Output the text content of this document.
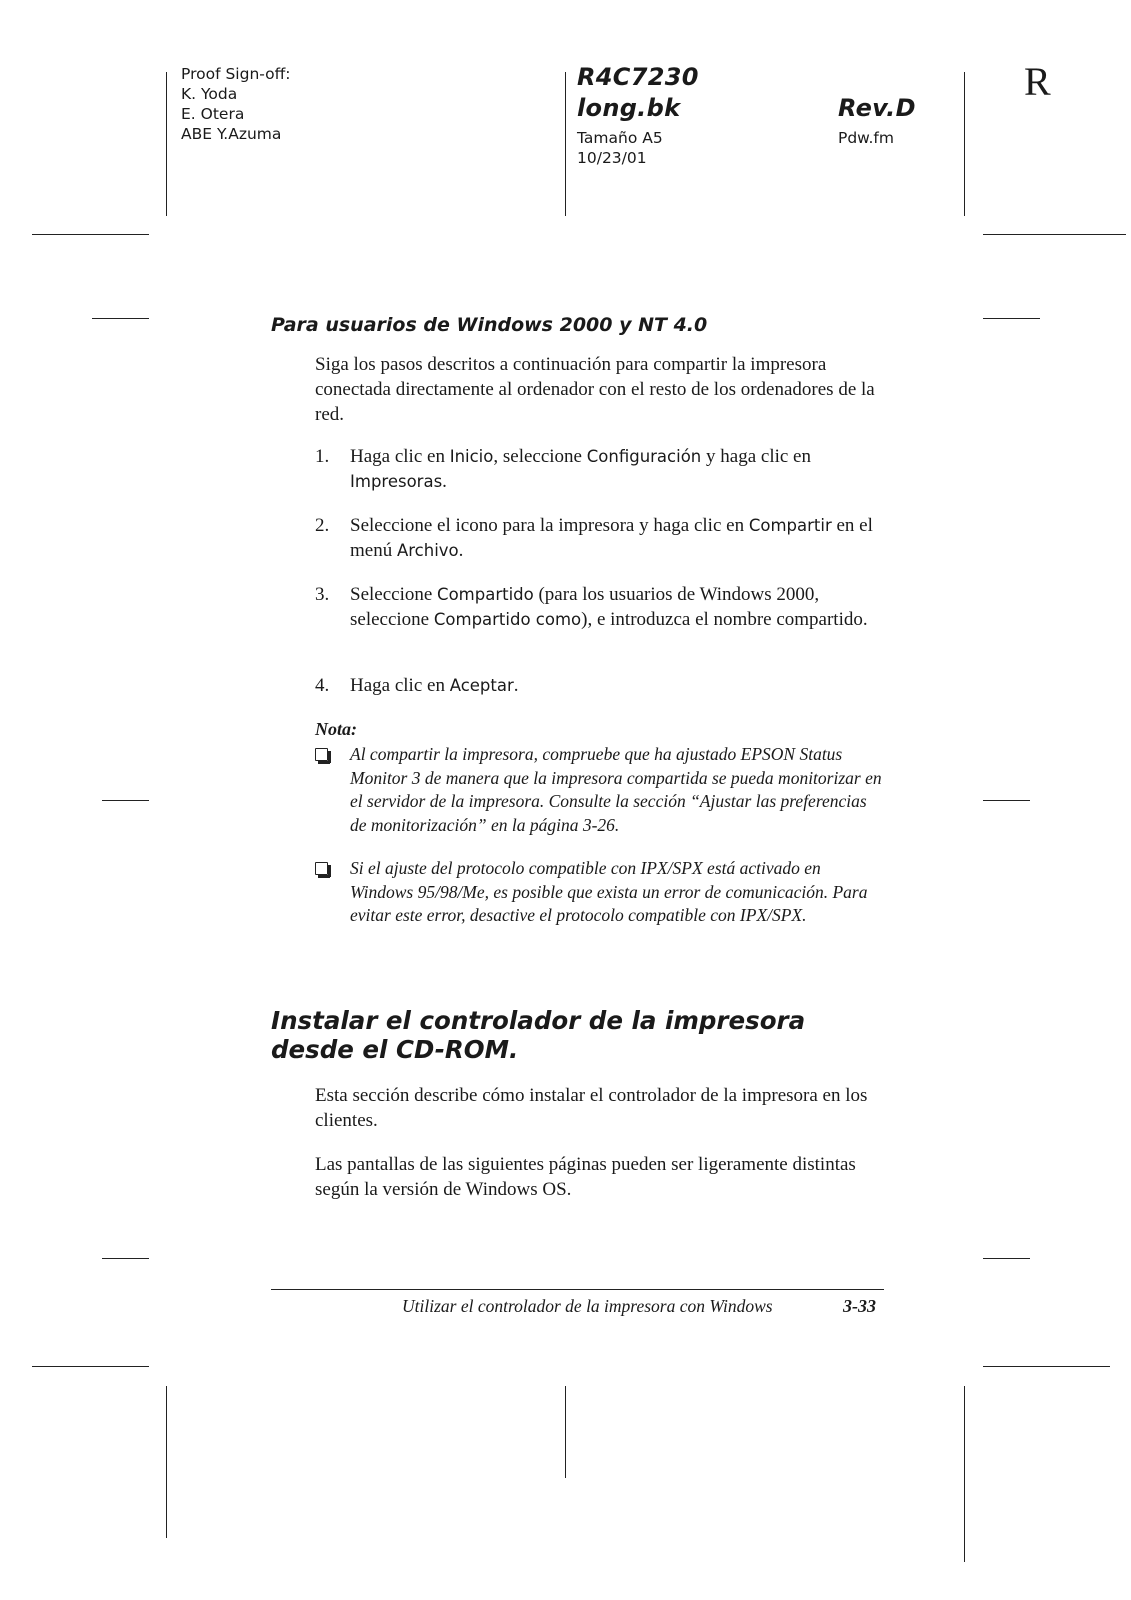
Proof Sign-off:
K. Yoda
E. Otera
ABE Y.Azuma
R4C7230
long.bk
Tamaño A5
10/23/01
Rev.D
Pdw.fm
R
Para usuarios de Windows 2000 y NT 4.0
Siga los pasos descritos a continuación para compartir la impresora conectada directamente al ordenador con el resto de los ordenadores de la red.
1. Haga clic en Inicio, seleccione Configuración y haga clic en Impresoras.
2. Seleccione el icono para la impresora y haga clic en Compartir en el menú Archivo.
3. Seleccione Compartido (para los usuarios de Windows 2000, seleccione Compartido como), e introduzca el nombre compartido.
4. Haga clic en Aceptar.
Nota:
Al compartir la impresora, compruebe que ha ajustado EPSON Status Monitor 3 de manera que la impresora compartida se pueda monitorizar en el servidor de la impresora. Consulte la sección “Ajustar las preferencias de monitorización” en la página 3-26.
Si el ajuste del protocolo compatible con IPX/SPX está activado en Windows 95/98/Me, es posible que exista un error de comunicación. Para evitar este error, desactive el protocolo compatible con IPX/SPX.
Instalar el controlador de la impresora desde el CD-ROM.
Esta sección describe cómo instalar el controlador de la impresora en los clientes.
Las pantallas de las siguientes páginas pueden ser ligeramente distintas según la versión de Windows OS.
Utilizar el controlador de la impresora con Windows	3-33
